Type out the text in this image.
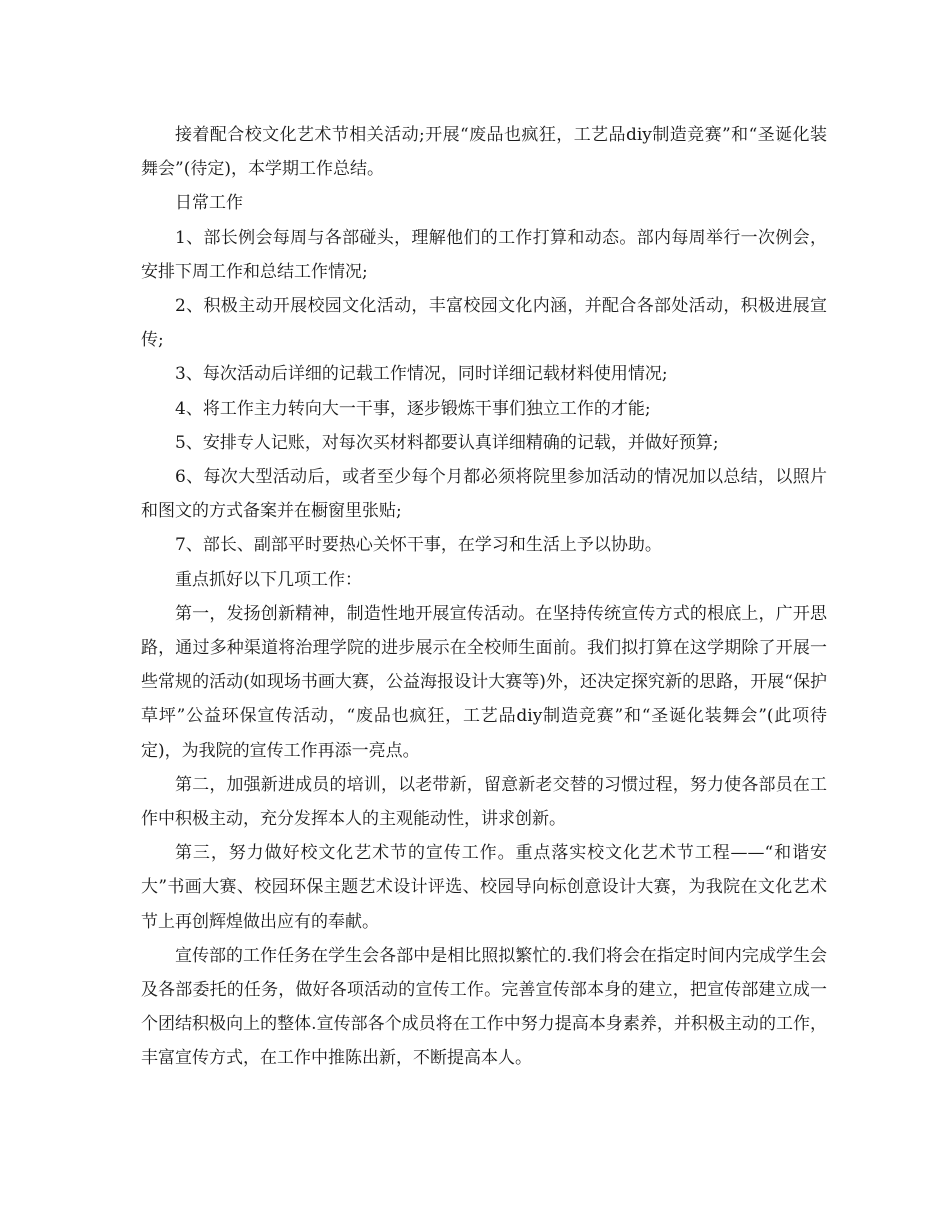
接着配合校文化艺术节相关活动;开展“废品也疯狂，工艺品diy制造竞赛”和“圣诞化装舞会”(待定)，本学期工作总结。

日常工作

1、部长例会每周与各部碰头，理解他们的工作打算和动态。部内每周举行一次例会，安排下周工作和总结工作情况;

2、积极主动开展校园文化活动，丰富校园文化内涵，并配合各部处活动，积极进展宣传;

3、每次活动后详细的记载工作情况，同时详细记载材料使用情况;

4、将工作主力转向大一干事，逐步锻炼干事们独立工作的才能;

5、安排专人记账，对每次买材料都要认真详细精确的记载，并做好预算;

6、每次大型活动后，或者至少每个月都必须将院里参加活动的情况加以总结，以照片和图文的方式备案并在橱窗里张贴;

7、部长、副部平时要热心关怀干事，在学习和生活上予以协助。

重点抓好以下几项工作：

第一，发扬创新精神，制造性地开展宣传活动。在坚持传统宣传方式的根底上，广开思路，通过多种渠道将治理学院的进步展示在全校师生面前。我们拟打算在这学期除了开展一些常规的活动(如现场书画大赛，公益海报设计大赛等)外，还决定探究新的思路，开展“保护草坪”公益环保宣传活动，“废品也疯狂，工艺品diy制造竞赛”和“圣诞化装舞会”(此项待定)，为我院的宣传工作再添一亮点。

第二，加强新进成员的培训，以老带新，留意新老交替的习惯过程，努力使各部员在工作中积极主动，充分发挥本人的主观能动性，讲求创新。

第三，努力做好校文化艺术节的宣传工作。重点落实校文化艺术节工程——“和谐安大”书画大赛、校园环保主题艺术设计评选、校园导向标创意设计大赛，为我院在文化艺术节上再创辉煌做出应有的奉献。

宣传部的工作任务在学生会各部中是相比照拟繁忙的.我们将会在指定时间内完成学生会及各部委托的任务，做好各项活动的宣传工作。完善宣传部本身的建立，把宣传部建立成一个团结积极向上的整体.宣传部各个成员将在工作中努力提高本身素养，并积极主动的工作，丰富宣传方式，在工作中推陈出新，不断提高本人。
